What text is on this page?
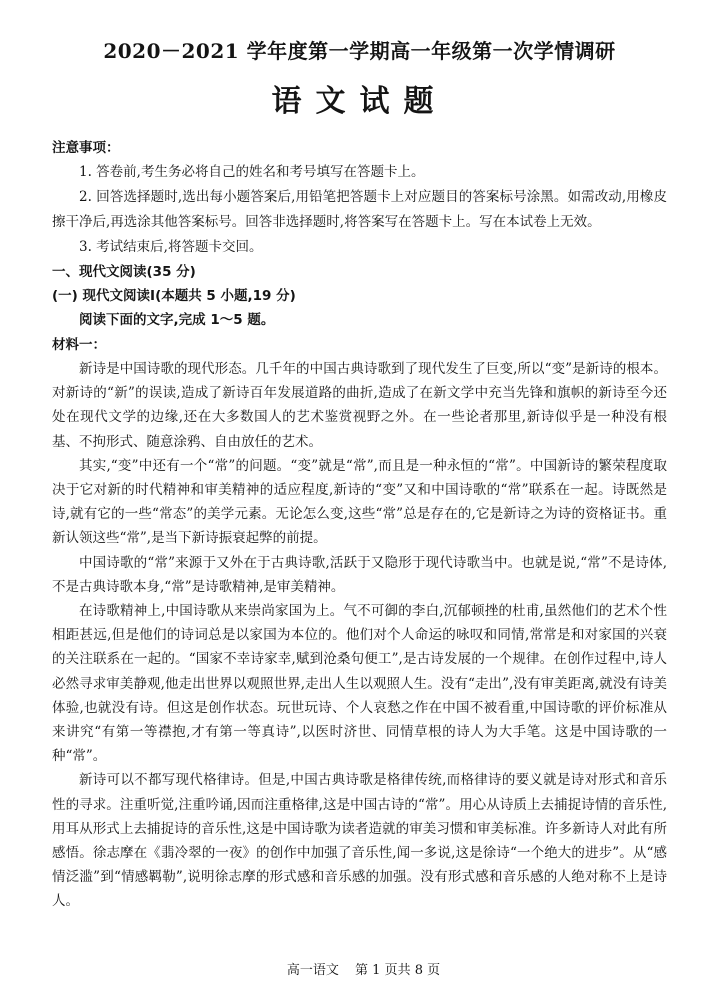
2020－2021 学年度第一学期高一年级第一次学情调研
语文试题

注意事项：

1. 答卷前,考生务必将自己的姓名和考号填写在答题卡上。

2. 回答选择题时,选出每小题答案后,用铅笔把答题卡上对应题目的答案标号涂黑。如需改动,用橡皮擦干净后,再选涂其他答案标号。回答非选择题时,将答案写在答题卡上。写在本试卷上无效。

3. 考试结束后,将答题卡交回。

一、现代文阅读(35 分)

(一) 现代文阅读Ⅰ(本题共 5 小题,19 分)

阅读下面的文字,完成 1～5 题。

材料一：

新诗是中国诗歌的现代形态。几千年的中国古典诗歌到了现代发生了巨变,所以“变”是新诗的根本。对新诗的“新”的误读,造成了新诗百年发展道路的曲折,造成了在新文学中充当先锋和旗帜的新诗至今还处在现代文学的边缘,还在大多数国人的艺术鉴赏视野之外。在一些论者那里,新诗似乎是一种没有根基、不拘形式、随意涂鸦、自由放任的艺术。

其实,“变”中还有一个“常”的问题。“变”就是“常”,而且是一种永恒的“常”。中国新诗的繁荣程度取决于它对新的时代精神和审美精神的适应程度,新诗的“变”又和中国诗歌的“常”联系在一起。诗既然是诗,就有它的一些“常态”的美学元素。无论怎么变,这些“常”总是存在的,它是新诗之为诗的资格证书。重新认领这些“常”,是当下新诗振衰起弊的前提。

中国诗歌的“常”来源于又外在于古典诗歌,活跃于又隐形于现代诗歌当中。也就是说,“常”不是诗体,不是古典诗歌本身,“常”是诗歌精神,是审美精神。

在诗歌精神上,中国诗歌从来崇尚家国为上。气不可御的李白,沉郁顿挫的杜甫,虽然他们的艺术个性相距甚远,但是他们的诗词总是以家国为本位的。他们对个人命运的咏叹和同情,常常是和对家国的兴衰的关注联系在一起的。“国家不幸诗家幸,赋到沧桑句便工”,是古诗发展的一个规律。在创作过程中,诗人必然寻求审美静观,他走出世界以观照世界,走出人生以观照人生。没有“走出”,没有审美距离,就没有诗美体验,也就没有诗。但这是创作状态。玩世玩诗、个人哀愁之作在中国不被看重,中国诗歌的评价标准从来讲究“有第一等襟抱,才有第一等真诗”,以医时济世、同情草根的诗人为大手笔。这是中国诗歌的一种“常”。

新诗可以不都写现代格律诗。但是,中国古典诗歌是格律传统,而格律诗的要义就是诗对形式和音乐性的寻求。注重听觉,注重吟诵,因而注重格律,这是中国古诗的“常”。用心从诗质上去捕捉诗情的音乐性,用耳从形式上去捕捉诗的音乐性,这是中国诗歌为读者造就的审美习惯和审美标准。许多新诗人对此有所感悟。徐志摩在《翡冷翠的一夜》的创作中加强了音乐性,闻一多说,这是徐诗“一个绝大的进步”。从“感情泛滥”到“情感羁勒”,说明徐志摩的形式感和音乐感的加强。没有形式感和音乐感的人绝对称不上是诗人。

高一语文 第 1 页共 8 页
